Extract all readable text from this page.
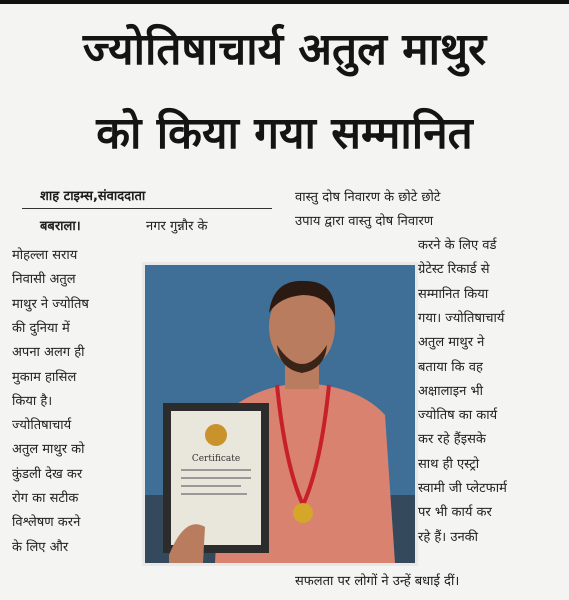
ज्योतिषाचार्य अतुल माथुर
को किया गया सम्मानित
शाह टाइम्स,संवाददाता
बबराला।	नगर गुन्नौर के
मोहल्ला सराय
निवासी अतुल
माथुर ने ज्योतिष
की दुनिया में
अपना अलग ही
मुकाम हासिल
किया है।
ज्योतिषाचार्य
अतुल माथुर को
कुंडली देख कर
रोग का सटीक
विश्लेषण करने
के लिए और
वास्तु दोष निवारण के छोटे छोटे
उपाय द्वारा वास्तु दोष निवारण
करने के लिए वर्ड
ग्रेटेस्ट रिकार्ड से
सम्मानित किया
गया। ज्योतिषाचार्य
अतुल माथुर ने
बताया कि वह
अक्षालाइन भी
ज्योतिष का कार्य
कर रहे हैंइसके
साथ ही एस्ट्रो
स्वामी जी प्लेटफार्म
पर भी कार्य कर
रहे हैं। उनकी
Certificate
सफलता पर लोगों ने उन्हें बधाई दीं।
